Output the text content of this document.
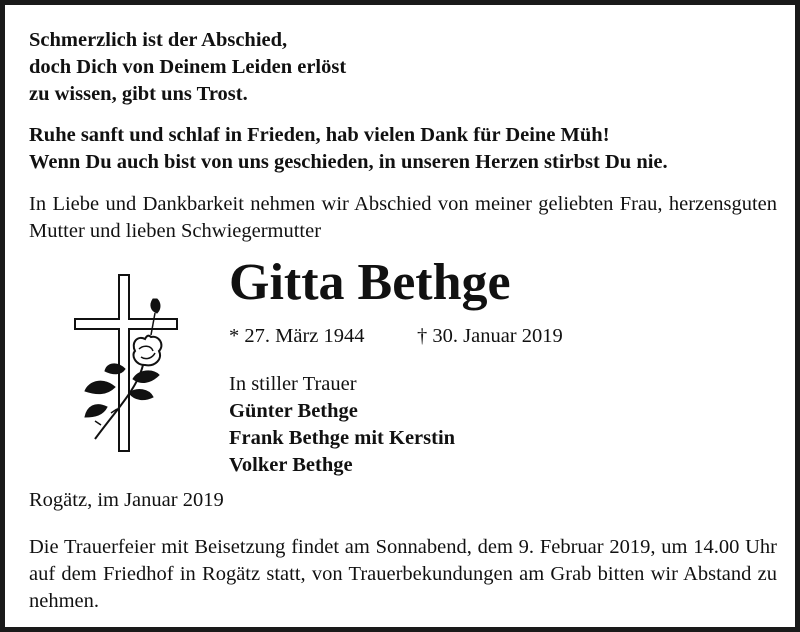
Schmerzlich ist der Abschied,
doch Dich von Deinem Leiden erlöst
zu wissen, gibt uns Trost.
Ruhe sanft und schlaf in Frieden, hab vielen Dank für Deine Müh!
Wenn Du auch bist von uns geschieden, in unseren Herzen stirbst Du nie.

In Liebe und Dankbarkeit nehmen wir Abschied von meiner geliebten Frau, herzensguten Mutter und lieben Schwiegermutter

Gitta Bethge
* 27. März 1944	† 30. Januar 2019
In stiller Trauer
Günter Bethge
Frank Bethge mit Kerstin
Volker Bethge
Rogätz, im Januar 2019

Die Trauerfeier mit Beisetzung findet am Sonnabend, dem 9. Februar 2019, um 14.00 Uhr auf dem Friedhof in Rogätz statt, von Trauerbekundungen am Grab bitten wir Abstand zu nehmen.
